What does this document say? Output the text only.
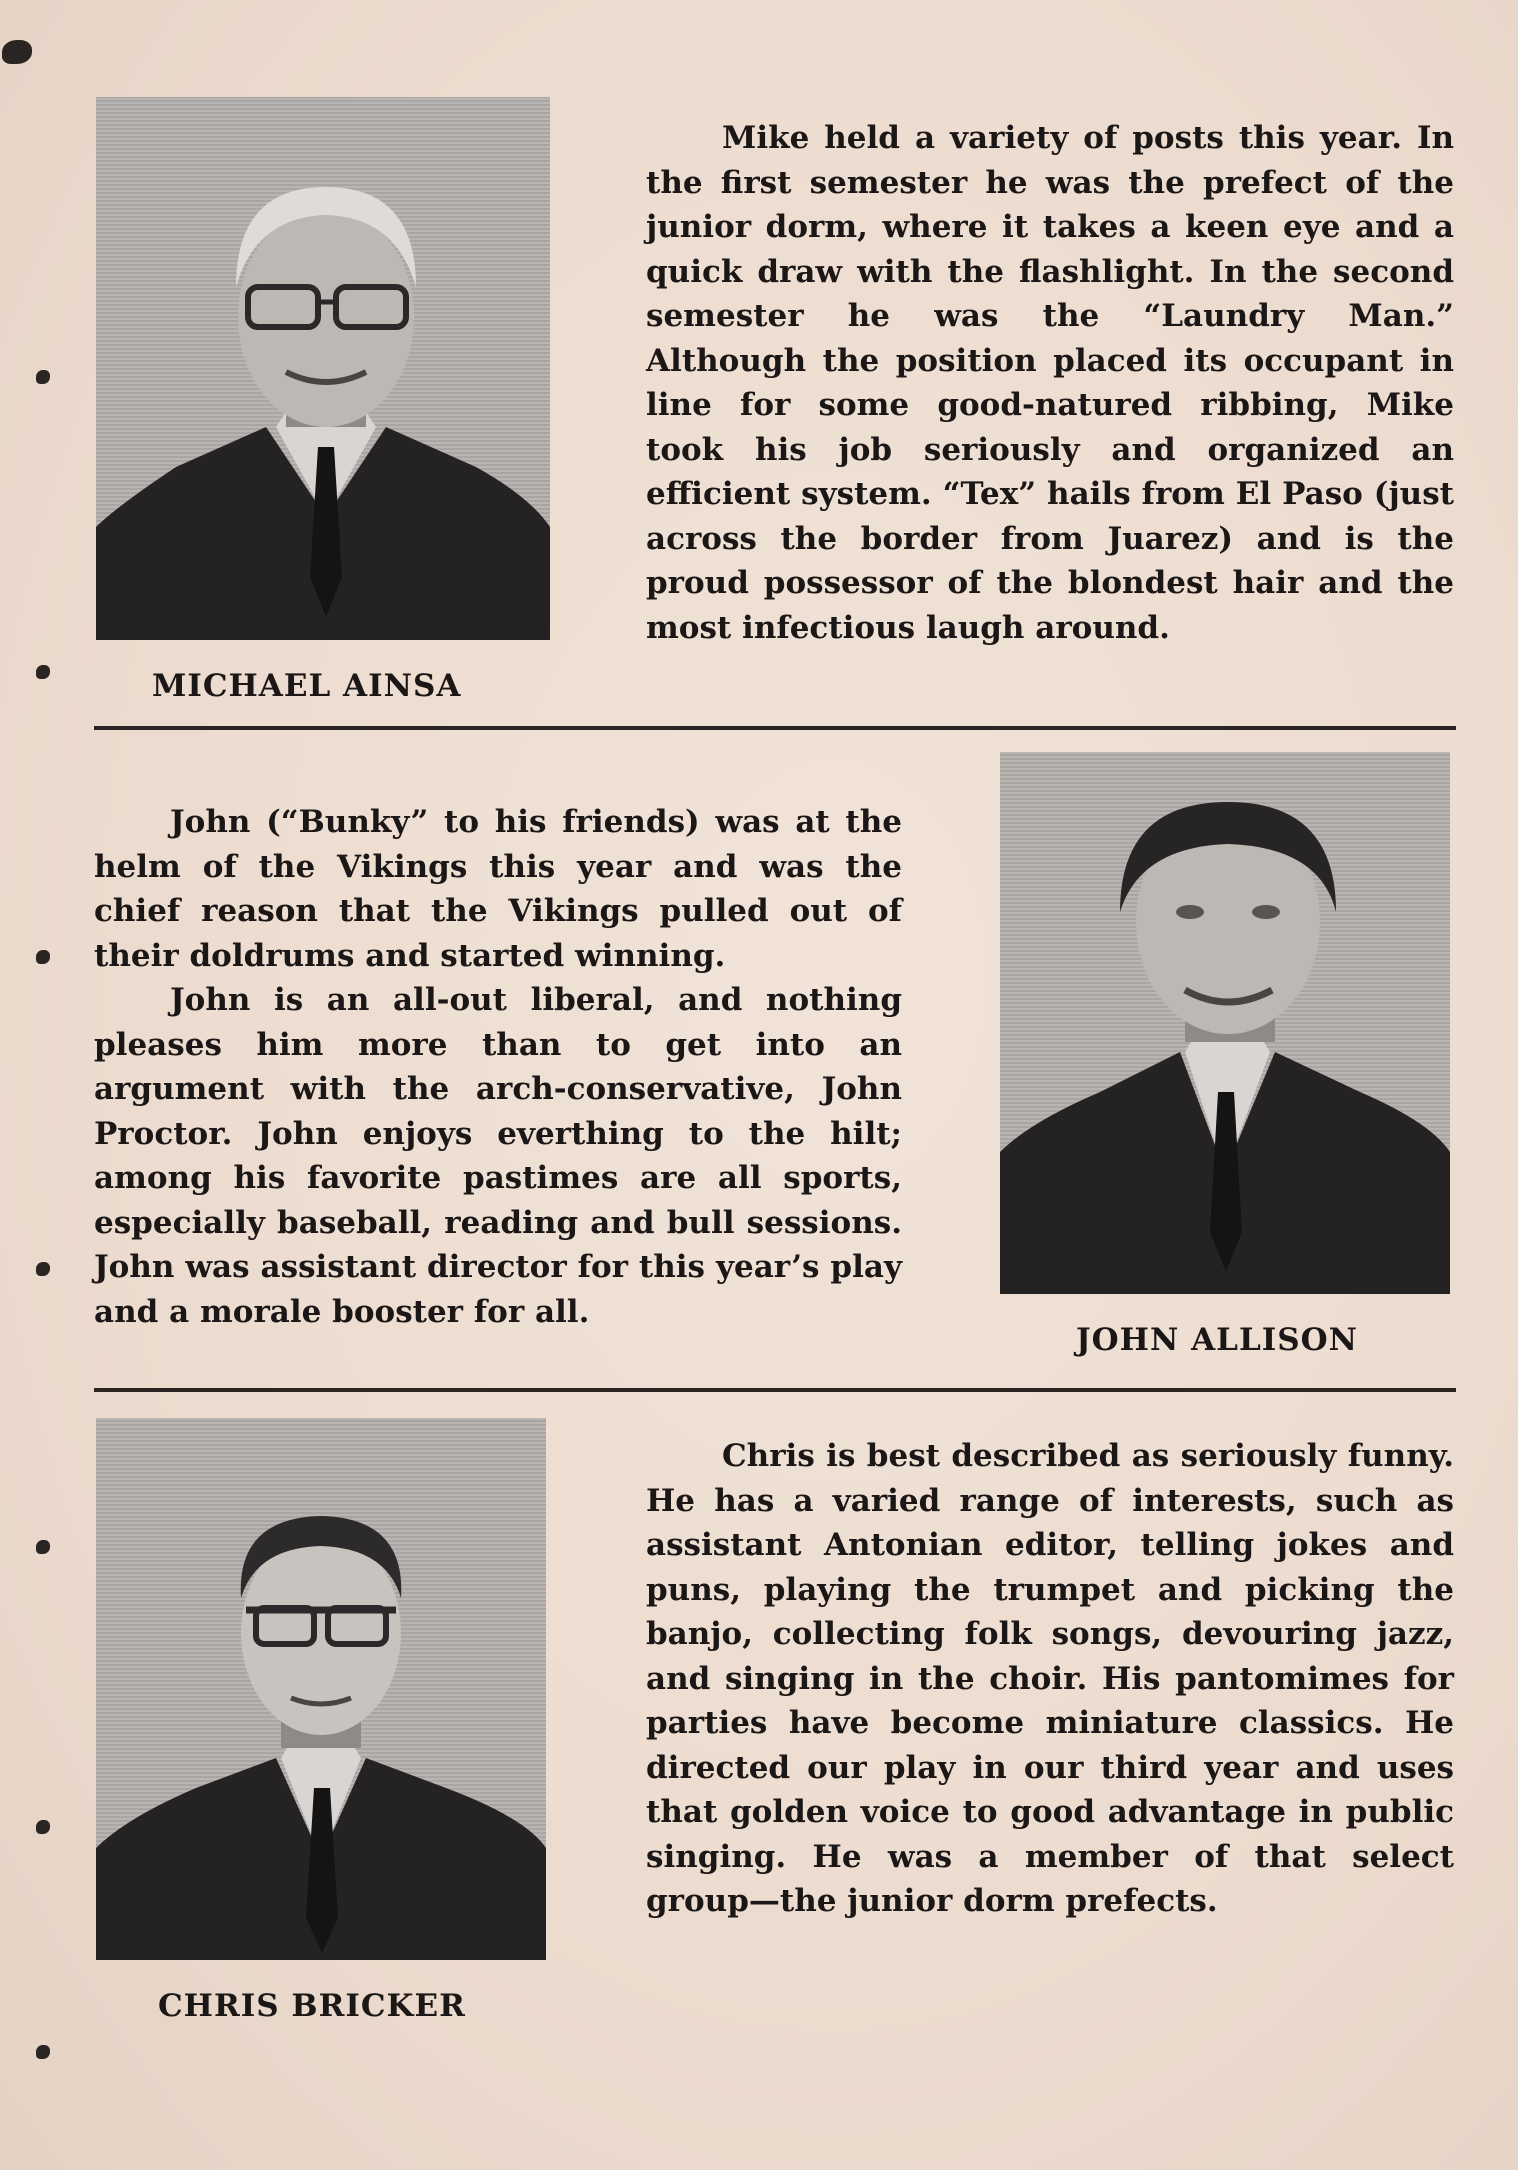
MICHAEL AINSA

Mike held a variety of posts this year. In the first semester he was the prefect of the junior dorm, where it takes a keen eye and a quick draw with the flashlight. In the second semester he was the “Laundry Man.” Although the position placed its occupant in line for some good-natured ribbing, Mike took his job seriously and organized an efficient system. “Tex” hails from El Paso (just across the border from Juarez) and is the proud possessor of the blondest hair and the most infectious laugh around.

John (“Bunky” to his friends) was at the helm of the Vikings this year and was the chief reason that the Vikings pulled out of their doldrums and started winning.

John is an all-out liberal, and nothing pleases him more than to get into an argument with the arch-conservative, John Proctor. John enjoys everthing to the hilt; among his favorite pastimes are all sports, especially baseball, reading and bull sessions. John was assistant director for this year’s play and a morale booster for all.

JOHN ALLISON
CHRIS BRICKER

Chris is best described as seriously funny. He has a varied range of interests, such as assistant Antonian editor, telling jokes and puns, playing the trumpet and picking the banjo, collecting folk songs, devouring jazz, and singing in the choir. His pantomimes for parties have become miniature classics. He directed our play in our third year and uses that golden voice to good advantage in public singing. He was a member of that select group—the junior dorm prefects.
